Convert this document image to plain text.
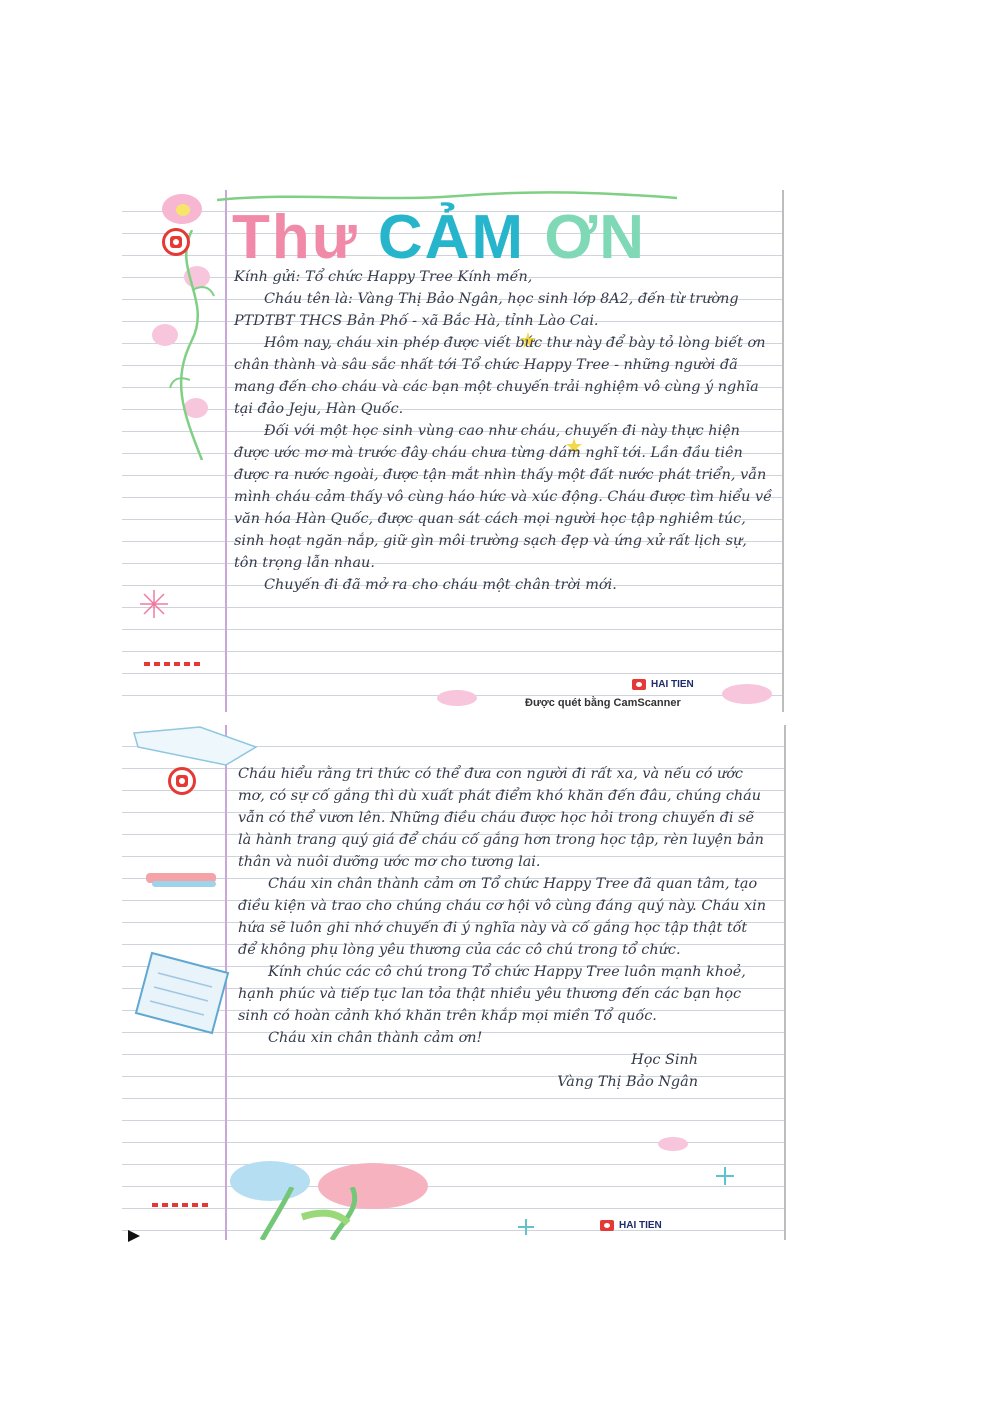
Thư CẢM ƠN

Kính gửi: Tổ chức Happy Tree Kính mến,

Cháu tên là: Vàng Thị Bảo Ngân, học sinh lớp 8A2, đến từ trường PTDTBT THCS Bản Phố - xã Bắc Hà, tỉnh Lào Cai.

Hôm nay, cháu xin phép được viết bức thư này để bày tỏ lòng biết ơn chân thành và sâu sắc nhất tới Tổ chức Happy Tree - những người đã mang đến cho cháu và các bạn một chuyến trải nghiệm vô cùng ý nghĩa tại đảo Jeju, Hàn Quốc.

Đối với một học sinh vùng cao như cháu, chuyến đi này thực hiện được ước mơ mà trước đây cháu chưa từng dám nghĩ tới. Lần đầu tiên được ra nước ngoài, được tận mắt nhìn thấy một đất nước phát triển, vẫn mình cháu cảm thấy vô cùng háo hức và xúc động. Cháu được tìm hiểu về văn hóa Hàn Quốc, được quan sát cách mọi người học tập nghiêm túc, sinh hoạt ngăn nắp, giữ gìn môi trường sạch đẹp và ứng xử rất lịch sự, tôn trọng lẫn nhau.

Chuyến đi đã mở ra cho cháu một chân trời mới.

HAI TIEN
Được quét bằng CamScanner

Cháu hiểu rằng tri thức có thể đưa con người đi rất xa, và nếu có ước mơ, có sự cố gắng thì dù xuất phát điểm khó khăn đến đâu, chúng cháu vẫn có thể vươn lên. Những điều cháu được học hỏi trong chuyến đi sẽ là hành trang quý giá để cháu cố gắng hơn trong học tập, rèn luyện bản thân và nuôi dưỡng ước mơ cho tương lai.

Cháu xin chân thành cảm ơn Tổ chức Happy Tree đã quan tâm, tạo điều kiện và trao cho chúng cháu cơ hội vô cùng đáng quý này. Cháu xin hứa sẽ luôn ghi nhớ chuyến đi ý nghĩa này và cố gắng học tập thật tốt để không phụ lòng yêu thương của các cô chú trong tổ chức.

Kính chúc các cô chú trong Tổ chức Happy Tree luôn mạnh khoẻ, hạnh phúc và tiếp tục lan tỏa thật nhiều yêu thương đến các bạn học sinh có hoàn cảnh khó khăn trên khắp mọi miền Tổ quốc.

Cháu xin chân thành cảm ơn!

Học Sinh

Vàng Thị Bảo Ngân

HAI TIEN
